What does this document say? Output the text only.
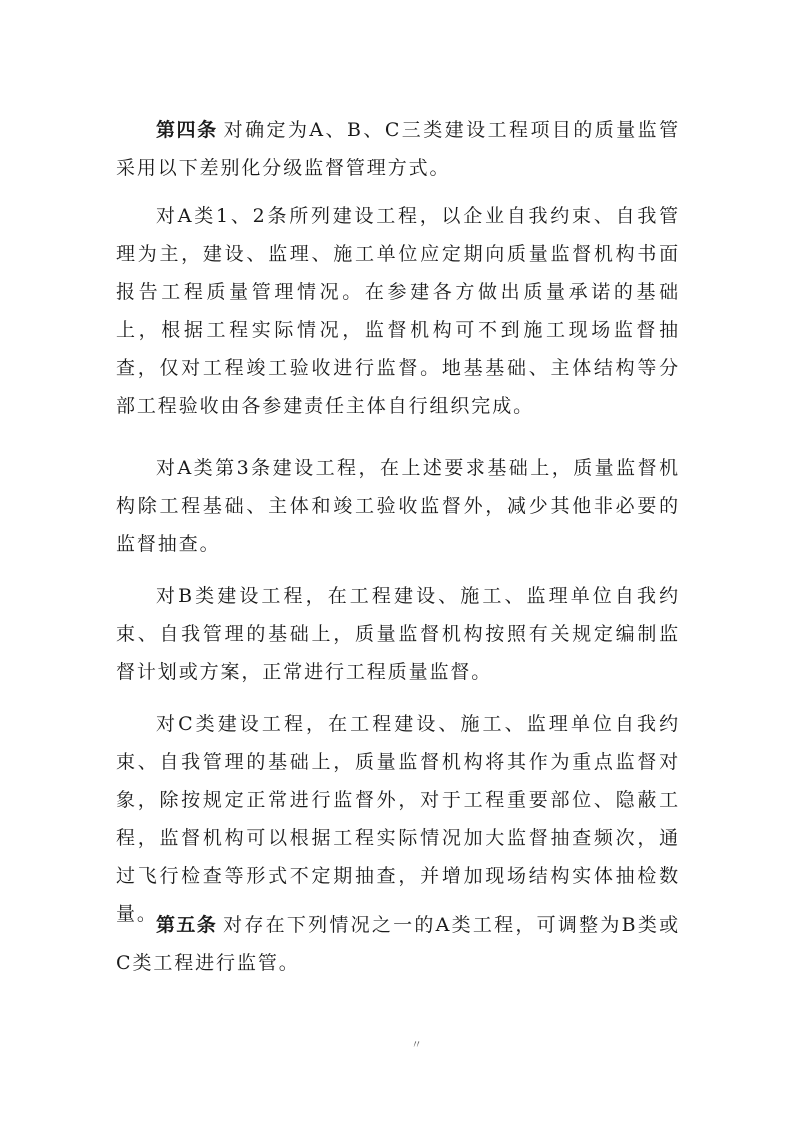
第四条 对确定为A、B、C三类建设工程项目的质量监管采用以下差别化分级监督管理方式。

对A类1、2条所列建设工程，以企业自我约束、自我管理为主，建设、监理、施工单位应定期向质量监督机构书面报告工程质量管理情况。在参建各方做出质量承诺的基础上，根据工程实际情况，监督机构可不到施工现场监督抽查，仅对工程竣工验收进行监督。地基基础、主体结构等分部工程验收由各参建责任主体自行组织完成。

对A类第3条建设工程，在上述要求基础上，质量监督机构除工程基础、主体和竣工验收监督外，减少其他非必要的监督抽查。

对B类建设工程，在工程建设、施工、监理单位自我约束、自我管理的基础上，质量监督机构按照有关规定编制监督计划或方案，正常进行工程质量监督。

对C类建设工程，在工程建设、施工、监理单位自我约束、自我管理的基础上，质量监督机构将其作为重点监督对象，除按规定正常进行监督外，对于工程重要部位、隐蔽工程，监督机构可以根据工程实际情况加大监督抽查频次，通过飞行检查等形式不定期抽查，并增加现场结构实体抽检数量。

第五条 对存在下列情况之一的A类工程，可调整为B类或C类工程进行监管。

〃
